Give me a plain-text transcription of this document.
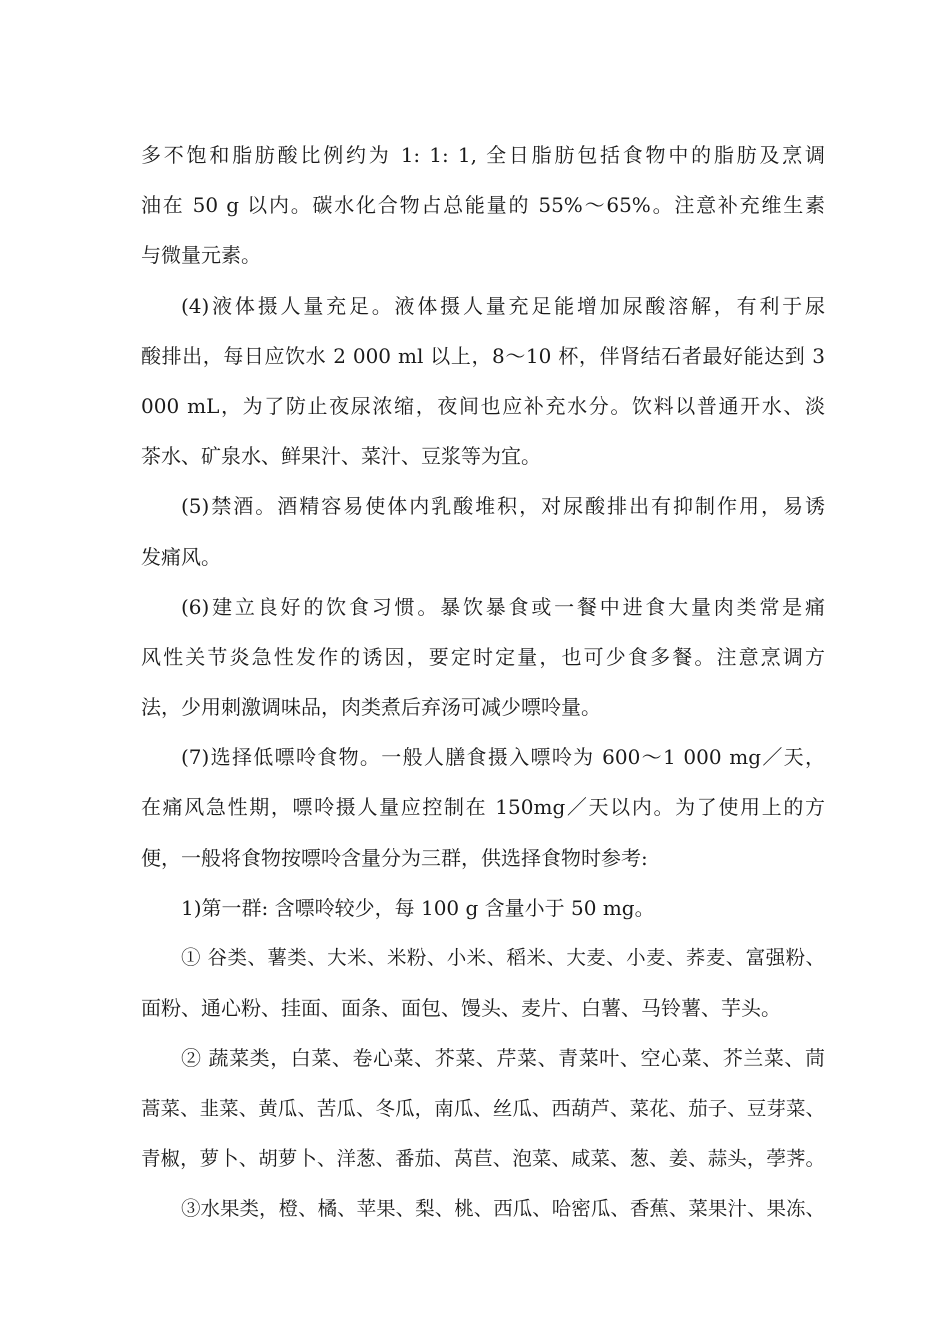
多不饱和脂肪酸比例约为 1: 1: 1, 全日脂肪包括食物中的脂肪及烹调
油在 50 g 以内。碳水化合物占总能量的 55%～65%。注意补充维生素
与微量元素。
(4)液体摄人量充足。液体摄人量充足能增加尿酸溶解，有利于尿
酸排出，每日应饮水 2 000 ml 以上，8～10 杯，伴肾结石者最好能达到 3
000 mL，为了防止夜尿浓缩，夜间也应补充水分。饮料以普通开水、淡
茶水、矿泉水、鲜果汁、菜汁、豆浆等为宜。
(5)禁酒。酒精容易使体内乳酸堆积，对尿酸排出有抑制作用，易诱
发痛风。
(6)建立良好的饮食习惯。暴饮暴食或一餐中进食大量肉类常是痛
风性关节炎急性发作的诱因，要定时定量，也可少食多餐。注意烹调方
法，少用刺激调味品，肉类煮后弃汤可减少嘌呤量。
(7)选择低嘌呤食物。一般人膳食摄入嘌呤为 600～1 000 mg／天，
在痛风急性期，嘌呤摄人量应控制在 150mg／天以内。为了使用上的方
便，一般将食物按嘌呤含量分为三群，供选择食物时参考:
1)第一群: 含嘌呤较少，每 100 g 含量小于 50 mg。
① 谷类、薯类、大米、米粉、小米、稻米、大麦、小麦、荞麦、富强粉、
面粉、通心粉、挂面、面条、面包、馒头、麦片、白薯、马铃薯、芋头。
② 蔬菜类，白菜、卷心菜、芥菜、芹菜、青菜叶、空心菜、芥兰菜、茼
蒿菜、韭菜、黄瓜、苦瓜、冬瓜，南瓜、丝瓜、西葫芦、菜花、茄子、豆芽菜、
青椒，萝卜、胡萝卜、洋葱、番茄、莴苣、泡菜、咸菜、葱、姜、蒜头，荸荠。
③水果类，橙、橘、苹果、梨、桃、西瓜、哈密瓜、香蕉、菜果汁、果冻、
